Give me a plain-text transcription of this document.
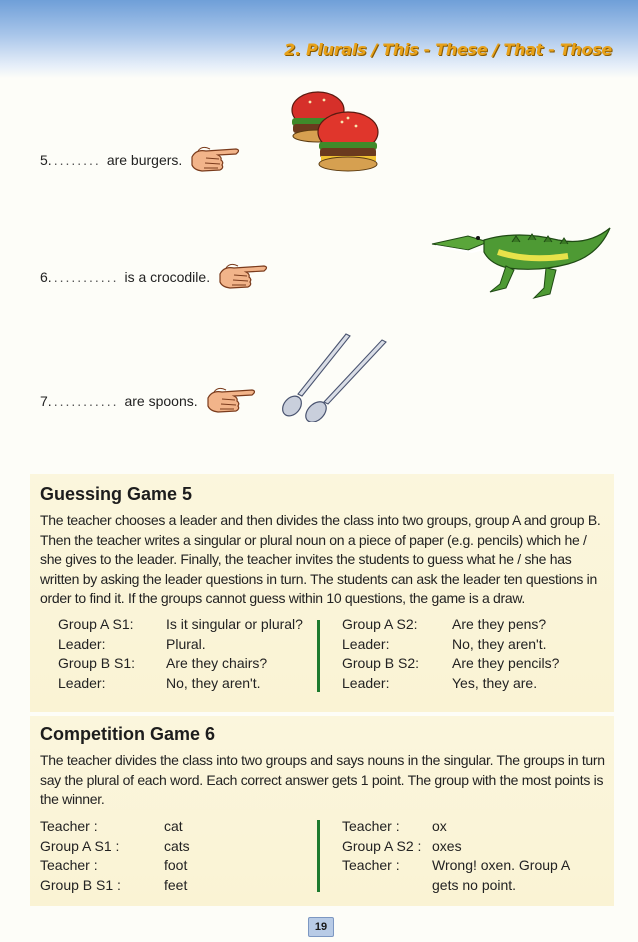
2. Plurals / This - These / That - Those
5. ........ are burgers.
6. ........... is a crocodile.
7. ........... are spoons.
Guessing Game 5
The teacher chooses a leader and then divides the class into two groups, group A and group B. Then the teacher writes a singular or plural noun on a piece of paper (e.g. pencils) which he / she gives to the leader. Finally, the teacher invites the students to guess what he / she has written by asking the leader questions in turn. The students can ask the leader ten questions in order to find it. If the groups cannot guess within 10 questions, the game is a draw.
Group A S1:	Is it singular or plural?
Leader:	Plural.
Group B S1:	Are they chairs?
Leader:	No, they aren't.
Group A S2:	Are they pens?
Leader:	No, they aren't.
Group B S2:	Are they pencils?
Leader:	Yes, they are.
Competition Game 6
The teacher divides the class into two groups and says nouns in the singular. The groups in turn say the plural of each word. Each correct answer gets 1 point. The group with the most points is the winner.
Teacher :	cat
Group A S1 :	cats
Teacher :	foot
Group B S1 :	feet
Teacher :	ox
Group A S2 : oxes
Teacher :	Wrong! oxen. Group A
gets no point.
19
